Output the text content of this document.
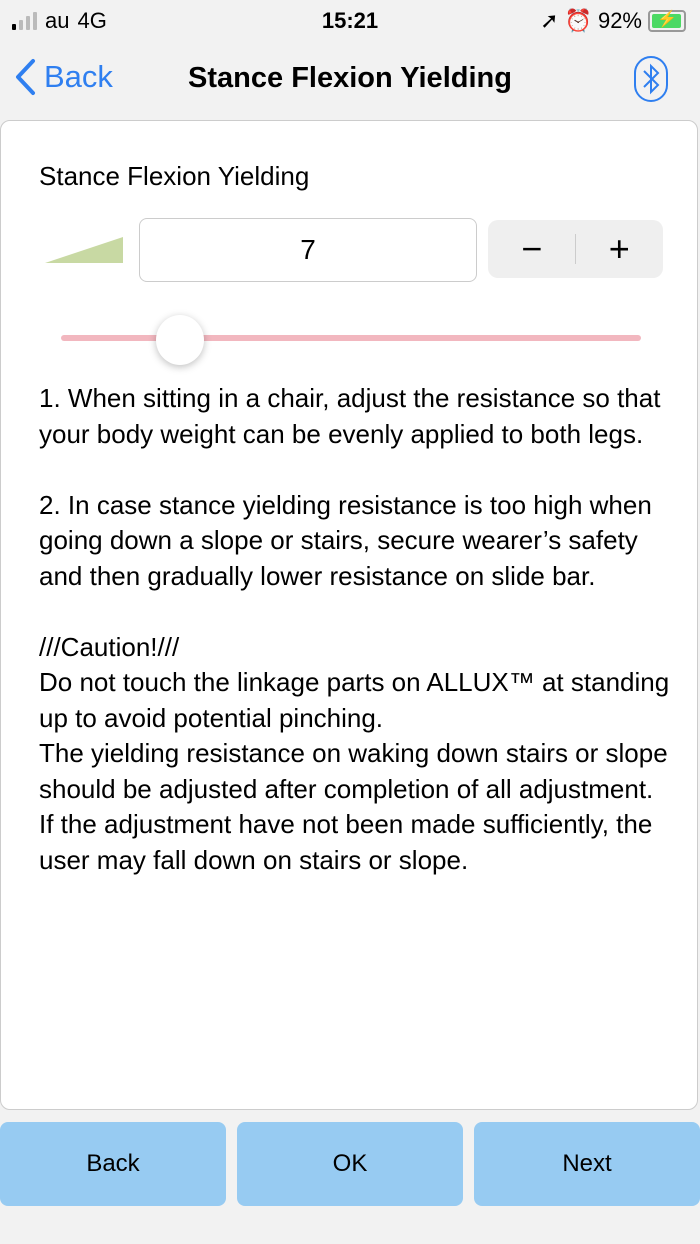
au 4G	15:21	➚ ⏰ 92% ⚡
Back	Stance Flexion Yielding
Stance Flexion Yielding
7	−	+

1. When sitting in a chair, adjust the resistance so that your body weight can be evenly applied to both legs.

2. In case stance yielding resistance is too high when going down a slope or stairs, secure wearer’s safety and then gradually lower resistance on slide bar.

///Caution!///
Do not touch the linkage parts on ALLUX™ at standing up to avoid potential pinching.
The yielding resistance on waking down stairs or slope should be adjusted after completion of all adjustment.
If the adjustment have not been made sufficiently, the user may fall down on stairs or slope.
Back	OK	Next
